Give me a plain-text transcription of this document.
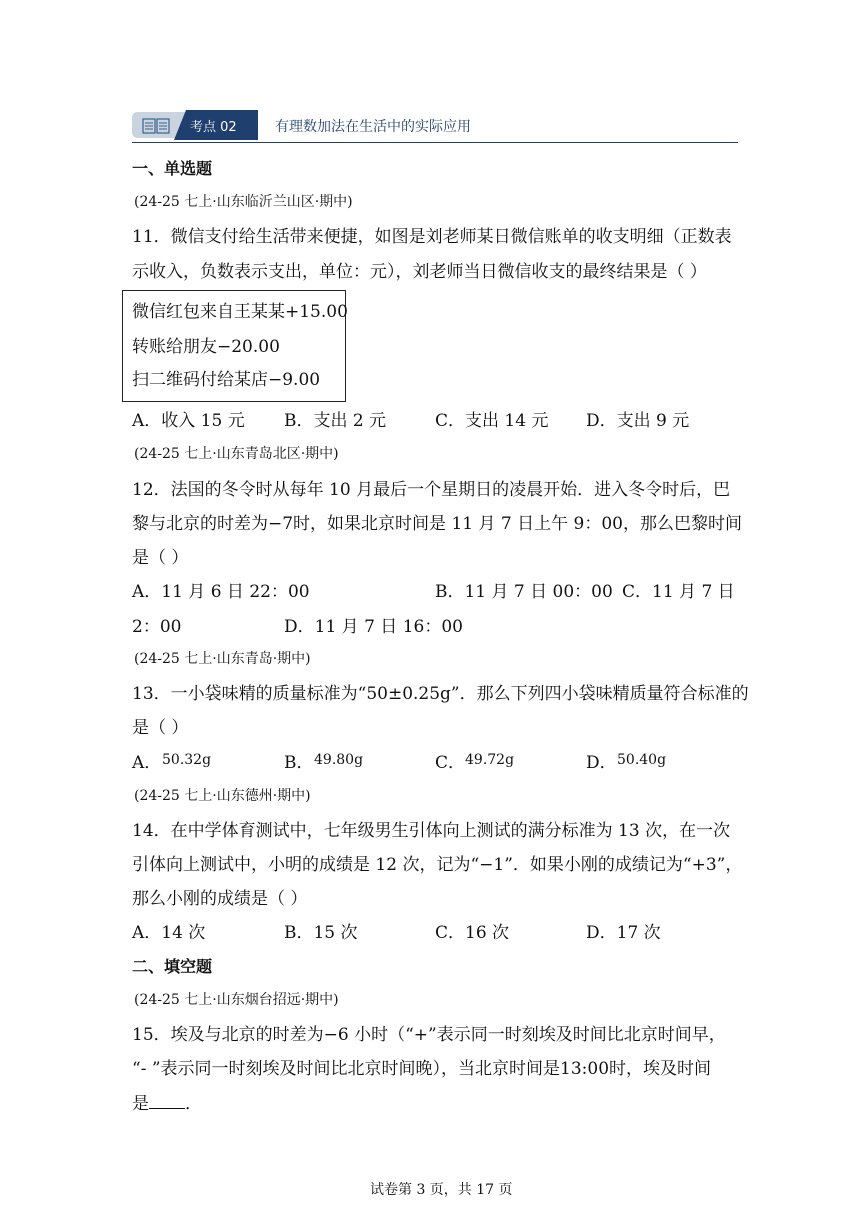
考点 02	有理数加法在生活中的实际应用
一、单选题
(24-25 七上·山东临沂兰山区·期中)
11．微信支付给生活带来便捷，如图是刘老师某日微信账单的收支明细（正数表
示收入，负数表示支出，单位：元），刘老师当日微信收支的最终结果是（ ）
微信红包来自王某某+15.00
转账给朋友−20.00
扫二维码付给某店−9.00
A．收入 15 元 B．支出 2 元	C．支出 14 元 D．支出 9 元
(24-25 七上·山东青岛北区·期中)
12．法国的冬令时从每年 10 月最后一个星期日的凌晨开始．进入冬令时后，巴
黎与北京的时差为−7时，如果北京时间是 11 月 7 日上午 9：00，那么巴黎时间
是（ ）
A．11 月 6 日 22：00	B．11 月 7 日 00：00 C．11 月 7 日
2：00	D．11 月 7 日 16：00
(24-25 七上·山东青岛·期中)
13．一小袋味精的质量标准为“50±0.25g”．那么下列四小袋味精质量符合标准的
是（ ）
A． 50.32g	B． 49.80g	C． 49.72g	D． 50.40g
(24-25 七上·山东德州·期中)
14．在中学体育测试中，七年级男生引体向上测试的满分标准为 13 次，在一次
引体向上测试中，小明的成绩是 12 次，记为“−1”．如果小刚的成绩记为“+3”，
那么小刚的成绩是（ ）
A．14 次	B．15 次	C．16 次	D．17 次
二、填空题
(24-25 七上·山东烟台招远·期中)
15．埃及与北京的时差为−6 小时（“+”表示同一时刻埃及时间比北京时间早，
“- ”表示同一时刻埃及时间比北京时间晚），当北京时间是13:00时，埃及时间
是 ．
试卷第 3 页，共 17 页
